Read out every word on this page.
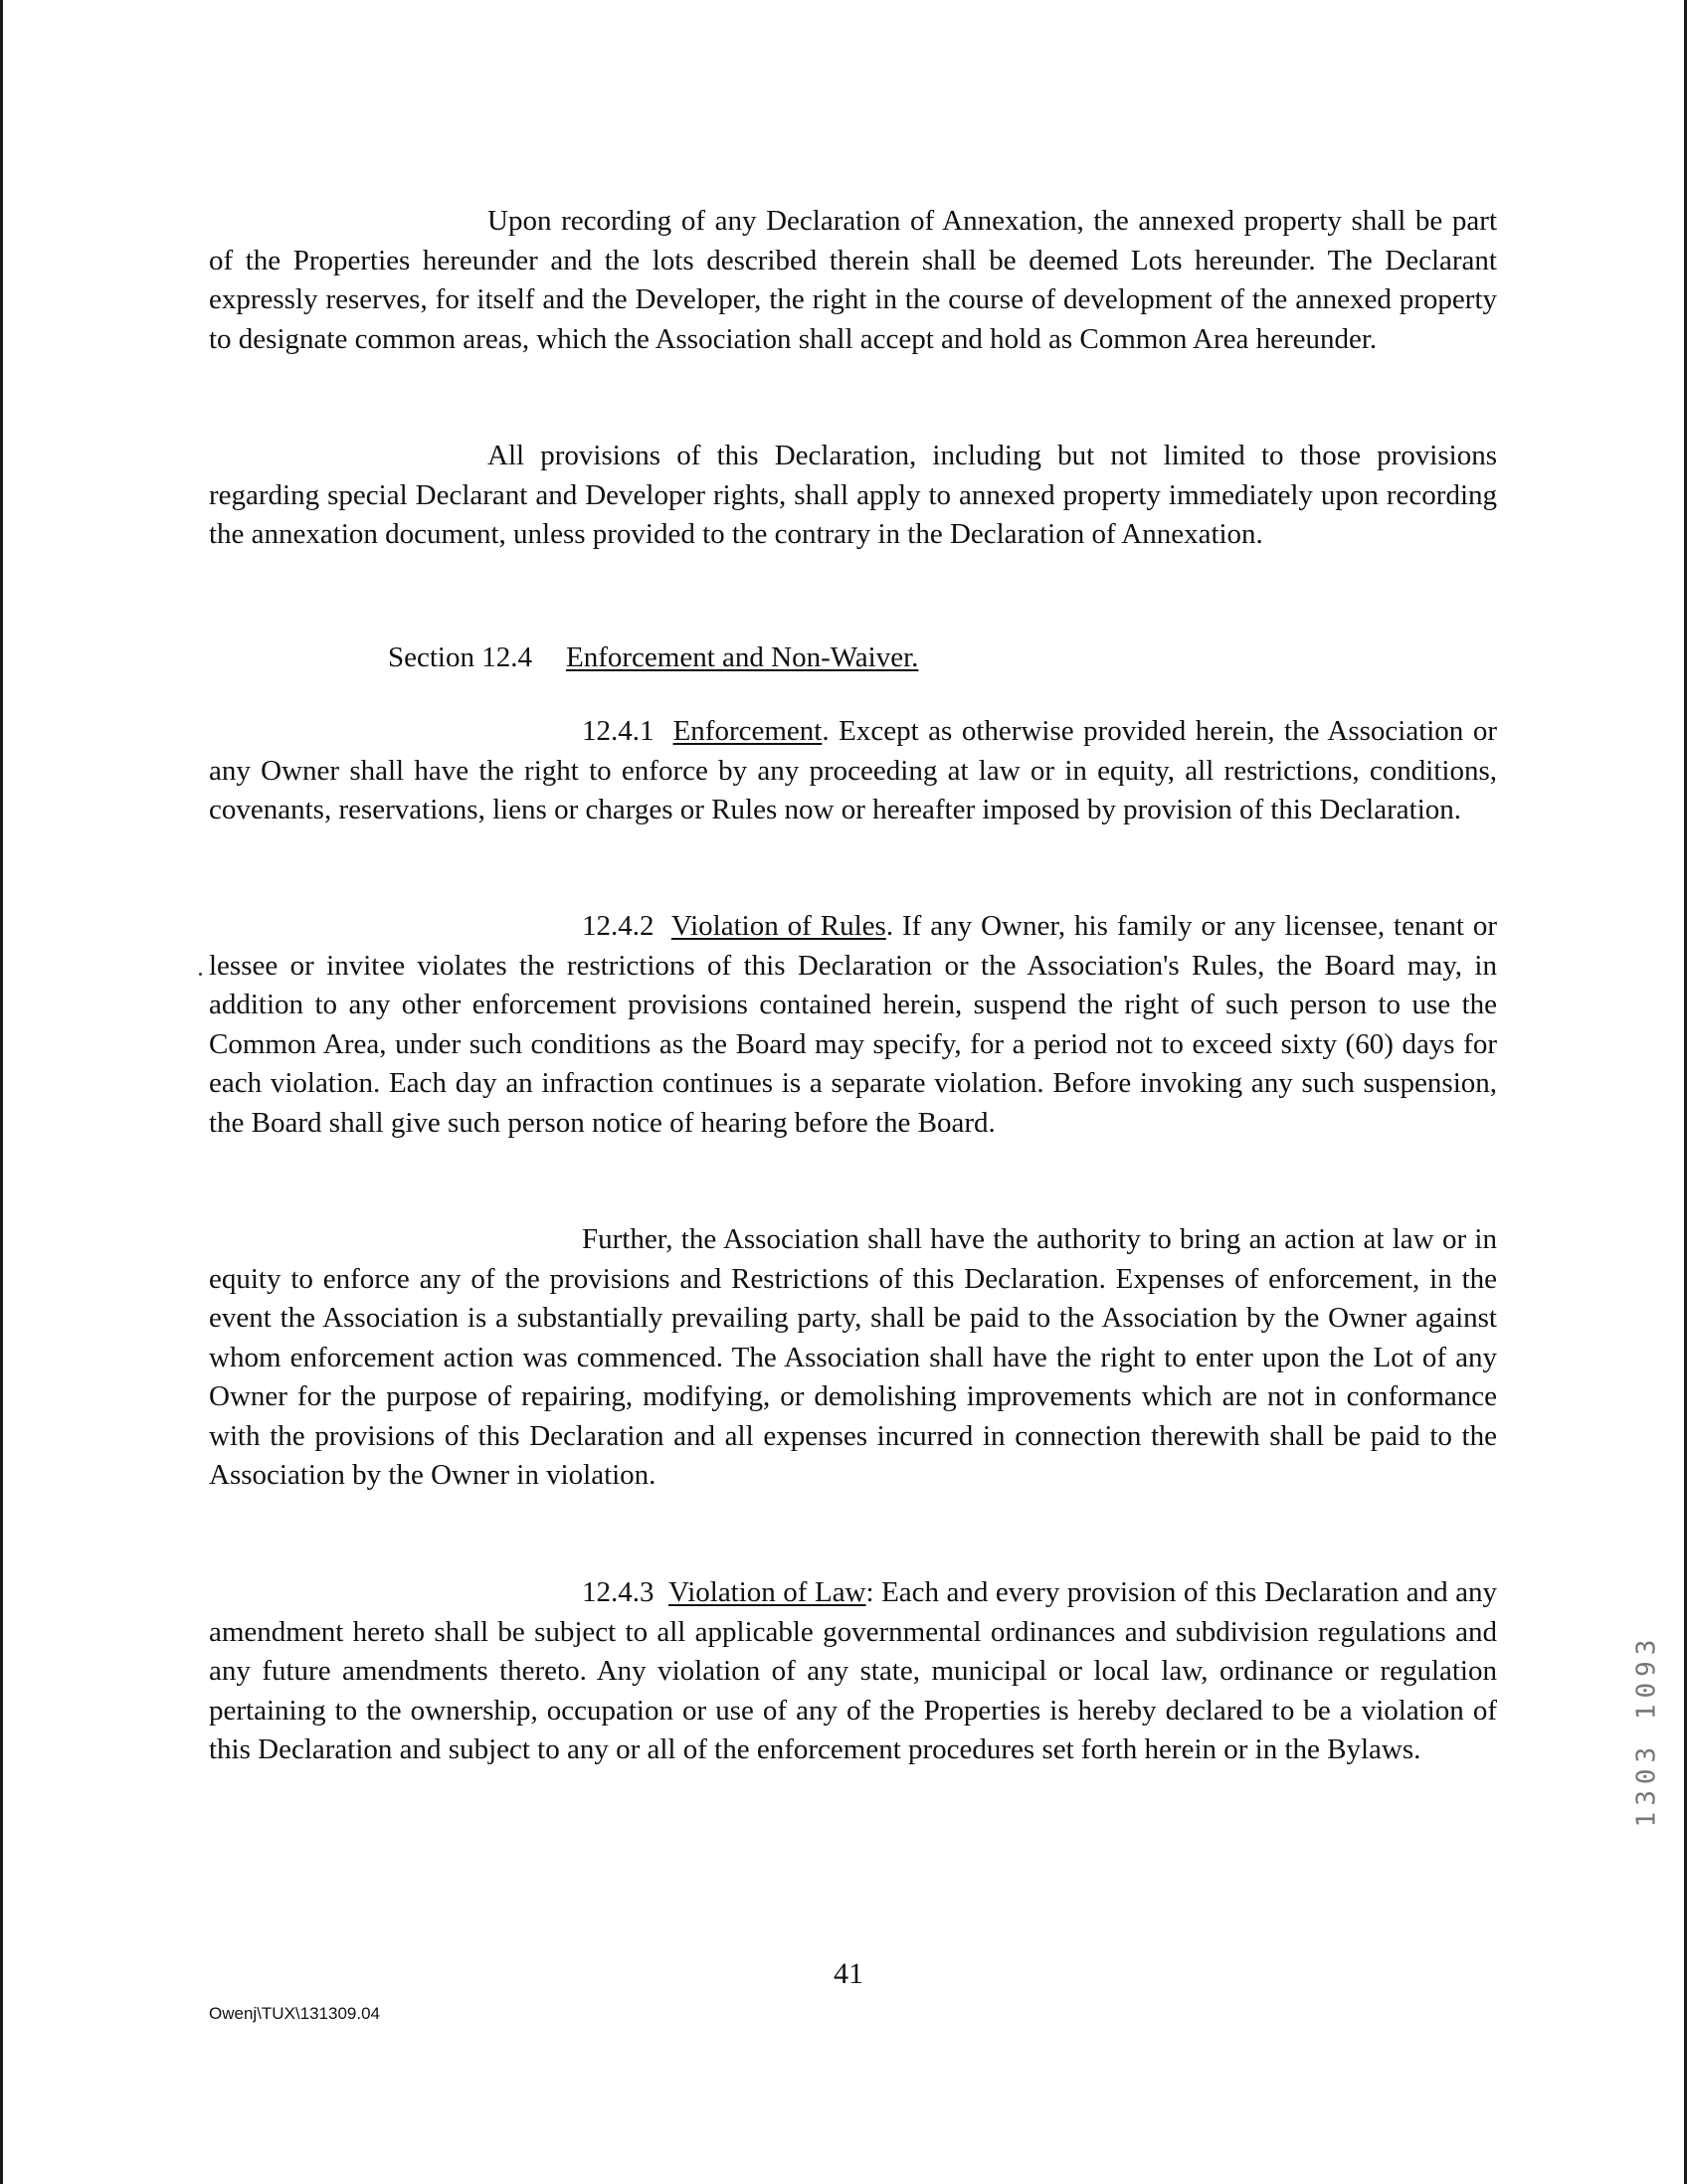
Upon recording of any Declaration of Annexation, the annexed property shall be part of the Properties hereunder and the lots described therein shall be deemed Lots hereunder. The Declarant expressly reserves, for itself and the Developer, the right in the course of development of the annexed property to designate common areas, which the Association shall accept and hold as Common Area hereunder.

All provisions of this Declaration, including but not limited to those provisions regarding special Declarant and Developer rights, shall apply to annexed property immediately upon recording the annexation document, unless provided to the contrary in the Declaration of Annexation.

Section 12.4 Enforcement and Non-Waiver.

12.4.1 Enforcement. Except as otherwise provided herein, the Association or any Owner shall have the right to enforce by any proceeding at law or in equity, all restrictions, conditions, covenants, reservations, liens or charges or Rules now or hereafter imposed by provision of this Declaration.

12.4.2 Violation of Rules. If any Owner, his family or any licensee, tenant or lessee or invitee violates the restrictions of this Declaration or the Association's Rules, the Board may, in addition to any other enforcement provisions contained herein, suspend the right of such person to use the Common Area, under such conditions as the Board may specify, for a period not to exceed sixty (60) days for each violation. Each day an infraction continues is a separate violation. Before invoking any such suspension, the Board shall give such person notice of hearing before the Board.

Further, the Association shall have the authority to bring an action at law or in equity to enforce any of the provisions and Restrictions of this Declaration. Expenses of enforcement, in the event the Association is a substantially prevailing party, shall be paid to the Association by the Owner against whom enforcement action was commenced. The Association shall have the right to enter upon the Lot of any Owner for the purpose of repairing, modifying, or demolishing improvements which are not in conformance with the provisions of this Declaration and all expenses incurred in connection therewith shall be paid to the Association by the Owner in violation.

12.4.3 Violation of Law: Each and every provision of this Declaration and any amendment hereto shall be subject to all applicable governmental ordinances and subdivision regulations and any future amendments thereto. Any violation of any state, municipal or local law, ordinance or regulation pertaining to the ownership, occupation or use of any of the Properties is hereby declared to be a violation of this Declaration and subject to any or all of the enforcement procedures set forth herein or in the Bylaws.	1303 1093

41

Owenj\TUX\131309.04
